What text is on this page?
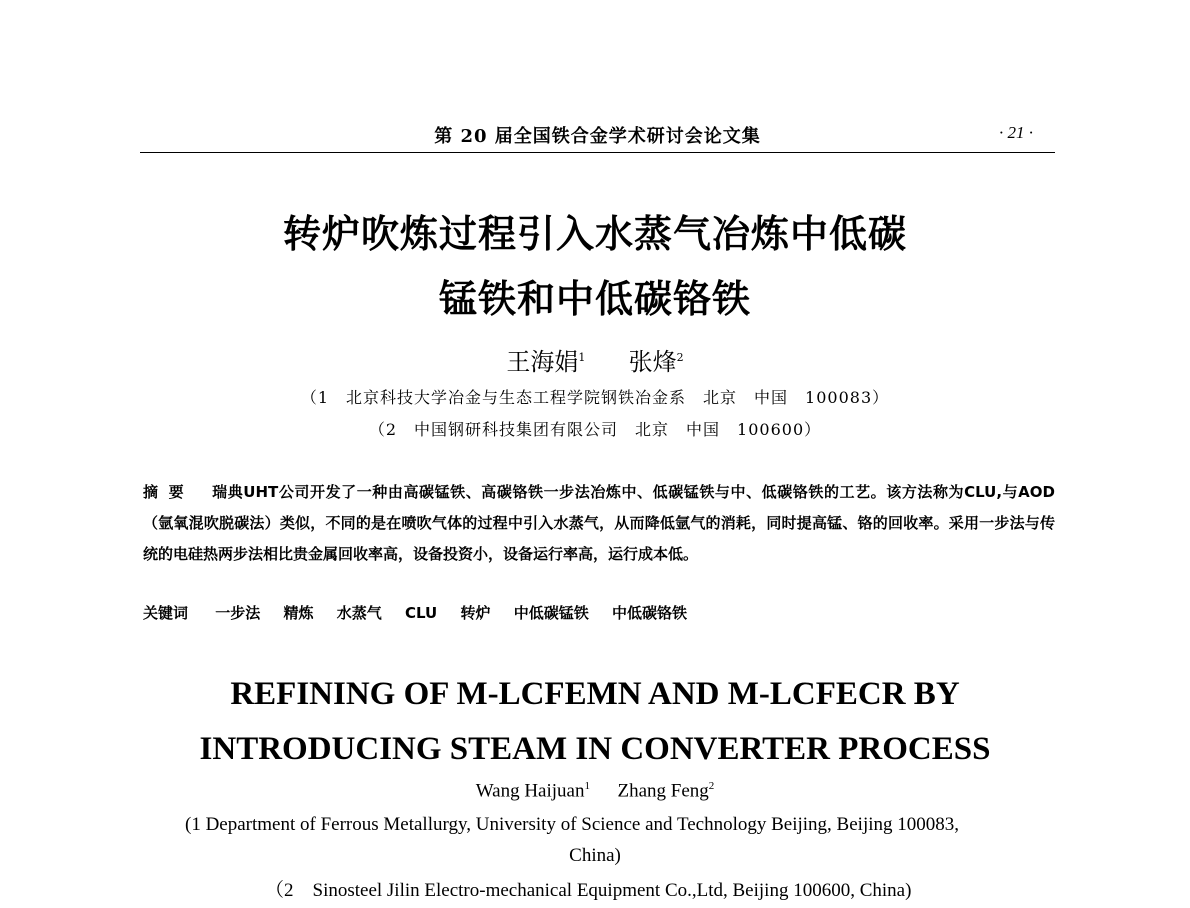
第 20 届全国铁合金学术研讨会论文集	· 21 ·
转炉吹炼过程引入水蒸气冶炼中低碳
锰铁和中低碳铬铁
王海娟$^1$ 张烽$^2$
（1　北京科技大学冶金与生态工程学院钢铁冶金系　北京　中国　100083）
（2　中国钢研科技集团有限公司　北京　中国　100600）
摘要 瑞典UHT公司开发了一种由高碳锰铁、高碳铬铁一步法冶炼中、低碳锰铁与中、低碳铬铁的工艺。该方法称为CLU,与AOD（氩氧混吹脱碳法）类似，不同的是在喷吹气体的过程中引入水蒸气，从而降低氩气的消耗，同时提高锰、铬的回收率。采用一步法与传统的电硅热两步法相比贵金属回收率高，设备投资小，设备运行率高，运行成本低。
关键词 一步法 精炼 水蒸气 CLU 转炉 中低碳锰铁 中低碳铬铁
REFINING OF M-LCFEMN AND M-LCFECR BY
INTRODUCING STEAM IN CONVERTER PROCESS
Wang Haijuan$^1$ Zhang Feng$^2$
(1 Department of Ferrous Metallurgy, University of Science and Technology Beijing, Beijing 100083,
China)
（2　Sinosteel Jilin Electro-mechanical Equipment Co.,Ltd, Beijing 100600, China)
